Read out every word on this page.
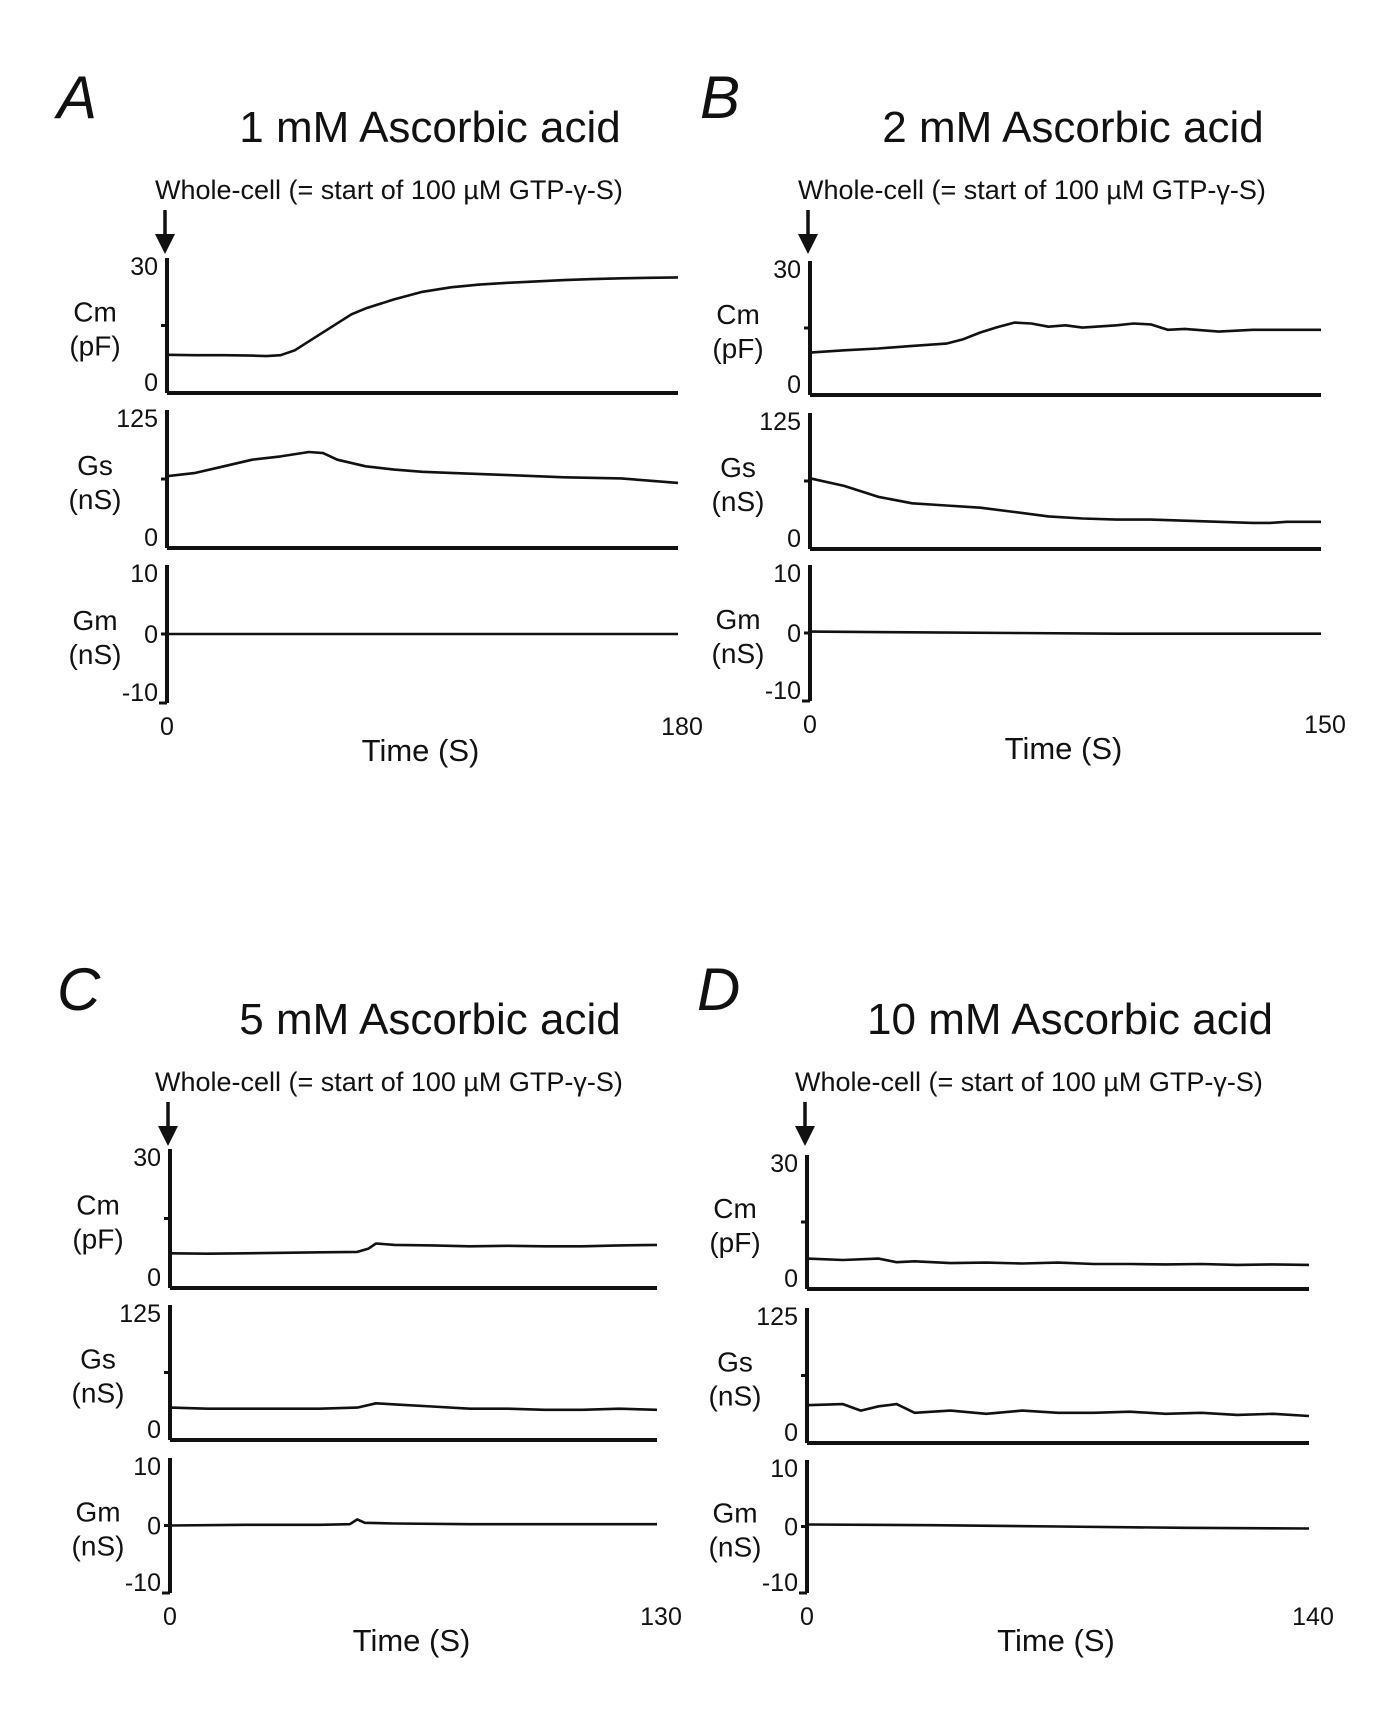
A	1 mM Ascorbic acid
Whole-cell (= start of 100 µM GTP-γ-S)
30
0
Cm
(pF)
125
0
Gs
(nS)
10
0
-10
Gm
(nS)
0	180
Time (S)
B	2 mM Ascorbic acid
Whole-cell (= start of 100 µM GTP-γ-S)
30
0
Cm
(pF)
125
0
Gs
(nS)
10
0
-10
Gm
(nS)
0	150
Time (S)
C	5 mM Ascorbic acid
Whole-cell (= start of 100 µM GTP-γ-S)
30
0
Cm
(pF)
125
0
Gs
(nS)
10
0
-10
Gm
(nS)
0	130
Time (S)
D	10 mM Ascorbic acid
Whole-cell (= start of 100 µM GTP-γ-S)
30
0
Cm
(pF)
125
0
Gs
(nS)
10
0
-10
Gm
(nS)
0	140
Time (S)
